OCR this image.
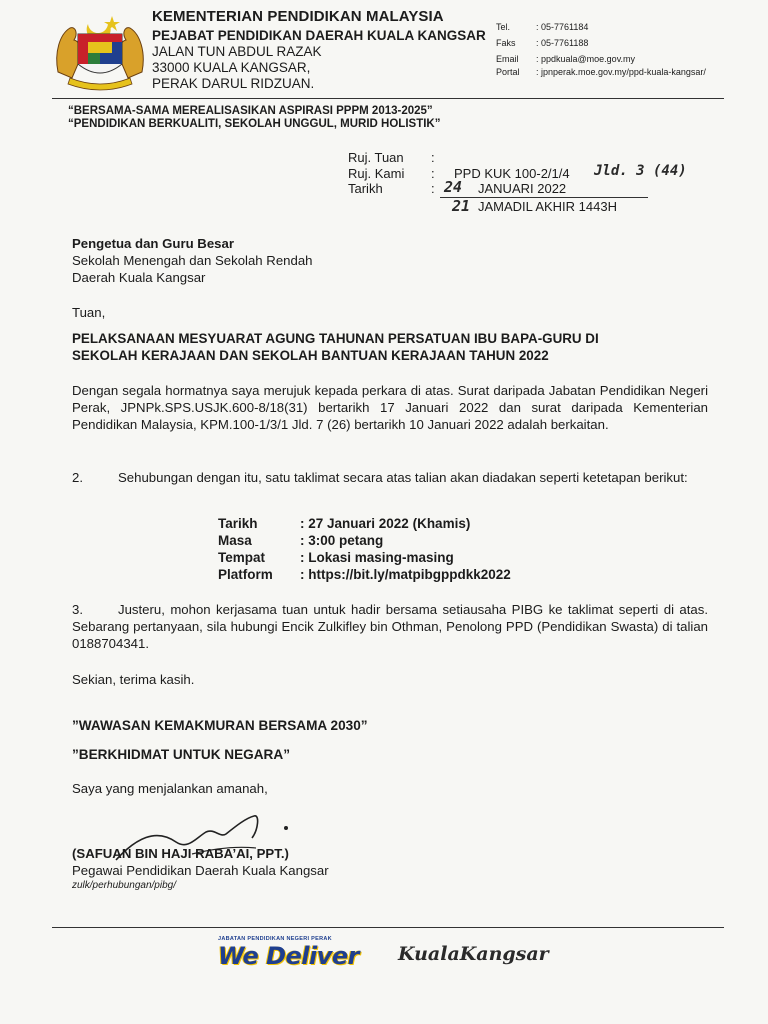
KEMENTERIAN PENDIDIKAN MALAYSIA
PEJABAT PENDIDIKAN DAERAH KUALA KANGSAR
JALAN TUN ABDUL RAZAK
33000 KUALA KANGSAR,
PERAK DARUL RIDZUAN.
Tel.	: 05-7761184
Faks : 05-7761188
Email : ppdkuala@moe.gov.my
Portal : jpnperak.moe.gov.my/ppd-kuala-kangsar/
“BERSAMA-SAMA MEREALISASIKAN ASPIRASI PPPM 2013-2025”
“PENDIDIKAN BERKUALITI, SEKOLAH UNGGUL, MURID HOLISTIK”
Ruj. Tuan :
Ruj. Kami : PPD KUK 100-2/1/4 Jld. 3 (44)
Tarikh	: 24 JANUARI 2022
21 JAMADIL AKHIR 1443H
Pengetua dan Guru Besar
Sekolah Menengah dan Sekolah Rendah
Daerah Kuala Kangsar
Tuan,
PELAKSANAAN MESYUARAT AGUNG TAHUNAN PERSATUAN IBU BAPA-GURU DI
SEKOLAH KERAJAAN DAN SEKOLAH BANTUAN KERAJAAN TAHUN 2022
Dengan segala hormatnya saya merujuk kepada perkara di atas. Surat daripada Jabatan Pendidikan Negeri Perak, JPNPk.SPS.USJK.600-8/18(31) bertarikh 17 Januari 2022 dan surat daripada Kementerian Pendidikan Malaysia, KPM.100-1/3/1 Jld. 7 (26) bertarikh 10 Januari 2022 adalah berkaitan.
2.	Sehubungan dengan itu, satu taklimat secara atas talian akan diadakan seperti ketetapan berikut:
Tarikh	: 27 Januari 2022 (Khamis)
Masa	: 3:00 petang
Tempat	: Lokasi masing-masing
Platform : https://bit.ly/matpibgppdkk2022
3.	Justeru, mohon kerjasama tuan untuk hadir bersama setiausaha PIBG ke taklimat seperti di atas. Sebarang pertanyaan, sila hubungi Encik Zulkifley bin Othman, Penolong PPD (Pendidikan Swasta) di talian 0188704341.
Sekian, terima kasih.
”WAWASAN KEMAKMURAN BERSAMA 2030”
”BERKHIDMAT UNTUK NEGARA”
Saya yang menjalankan amanah,
(SAFUAN BIN HAJI RABA’AI, PPT.)
Pegawai Pendidikan Daerah Kuala Kangsar
zulk/perhubungan/pibg/
JABATAN PENDIDIKAN NEGERI PERAK
We Deliver	KualaKangsar
